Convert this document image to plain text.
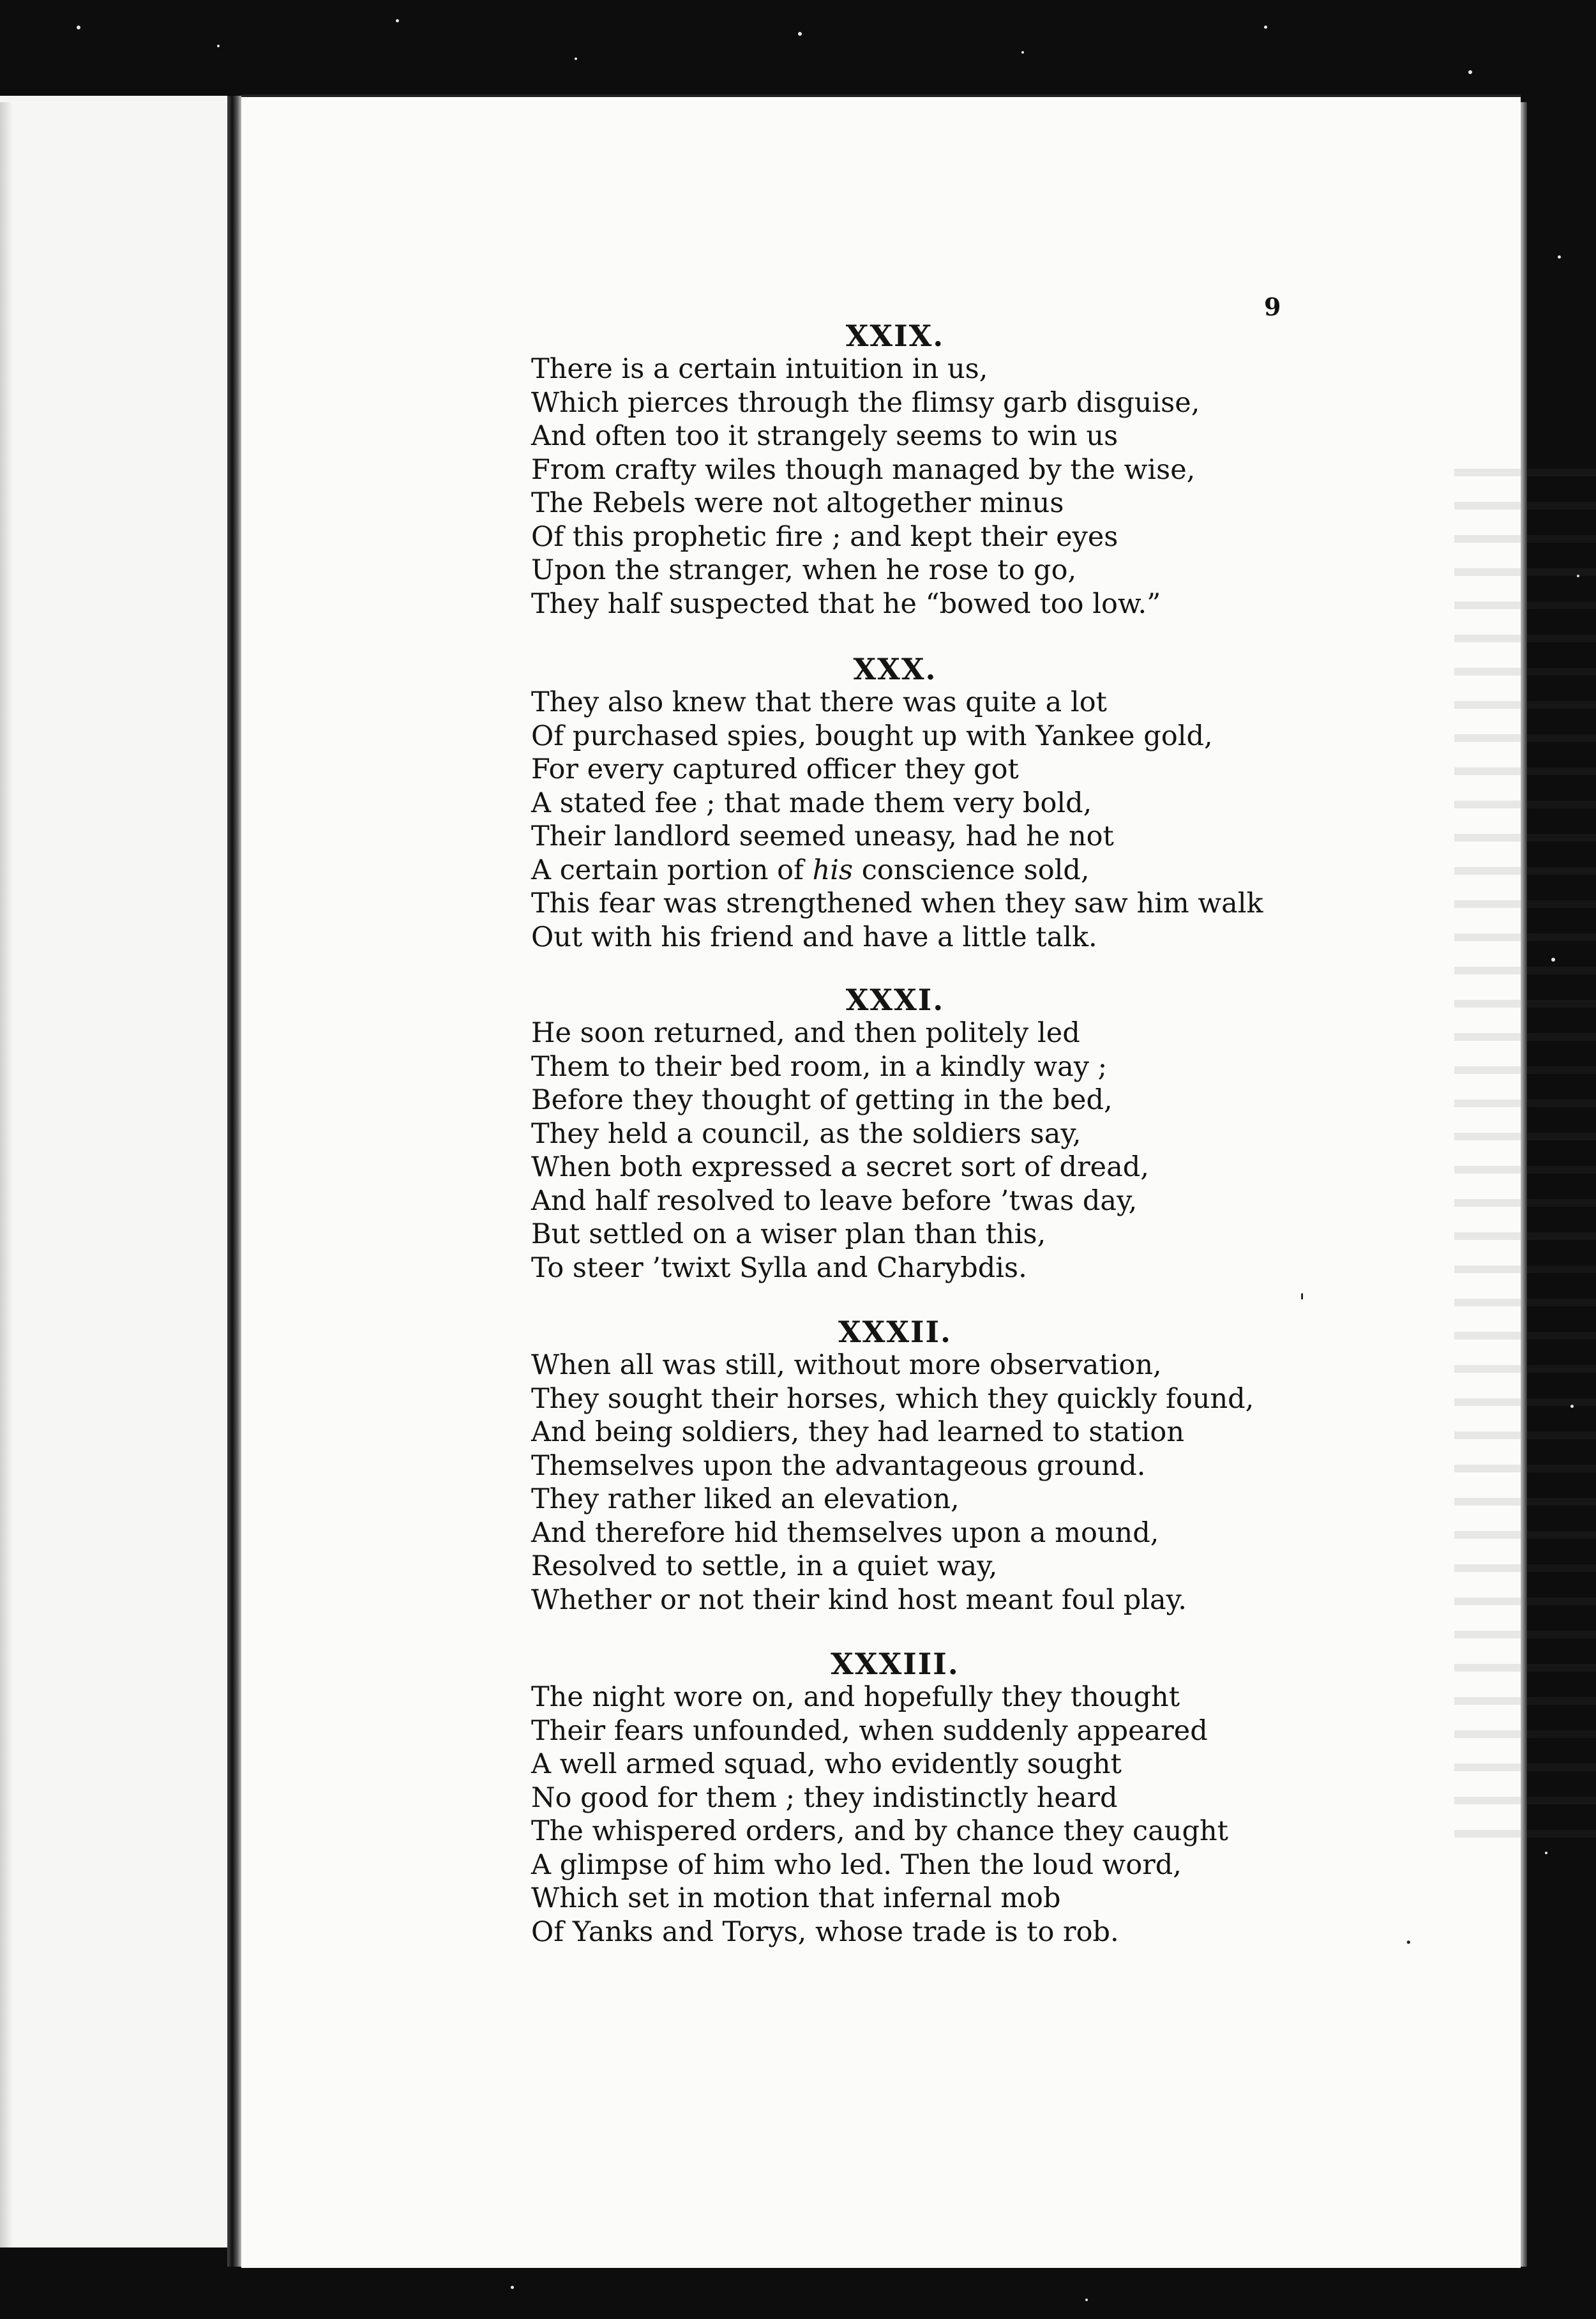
9
 ˈ
·
XXIX.
There is a certain intuition in us,
Which pierces through the flimsy garb disguise,
And often too it strangely seems to win us
From crafty wiles though managed by the wise,
The Rebels were not altogether minus
Of this prophetic fire ; and kept their eyes
Upon the stranger, when he rose to go,
They half suspected that he “bowed too low.”
XXX.
They also knew that there was quite a lot
Of purchased spies, bought up with Yankee gold,
For every captured officer they got
A stated fee ; that made them very bold,
Their landlord seemed uneasy, had he not
A certain portion of his conscience sold,
This fear was strengthened when they saw him walk
Out with his friend and have a little talk.
XXXI.
He soon returned, and then politely led
Them to their bed room, in a kindly way ;
Before they thought of getting in the bed,
They held a council, as the soldiers say,
When both expressed a secret sort of dread,
And half resolved to leave before ’twas day,
But settled on a wiser plan than this,
To steer ’twixt Sylla and Charybdis.
XXXII.
When all was still, without more observation,
They sought their horses, which they quickly found,
And being soldiers, they had learned to station
Themselves upon the advantageous ground.
They rather liked an elevation,
And therefore hid themselves upon a mound,
Resolved to settle, in a quiet way,
Whether or not their kind host meant foul play.
XXXIII.
The night wore on, and hopefully they thought
Their fears unfounded, when suddenly appeared
A well armed squad, who evidently sought
No good for them ; they indistinctly heard
The whispered orders, and by chance they caught
A glimpse of him who led. Then the loud word,
Which set in motion that infernal mob
Of Yanks and Torys, whose trade is to rob.
